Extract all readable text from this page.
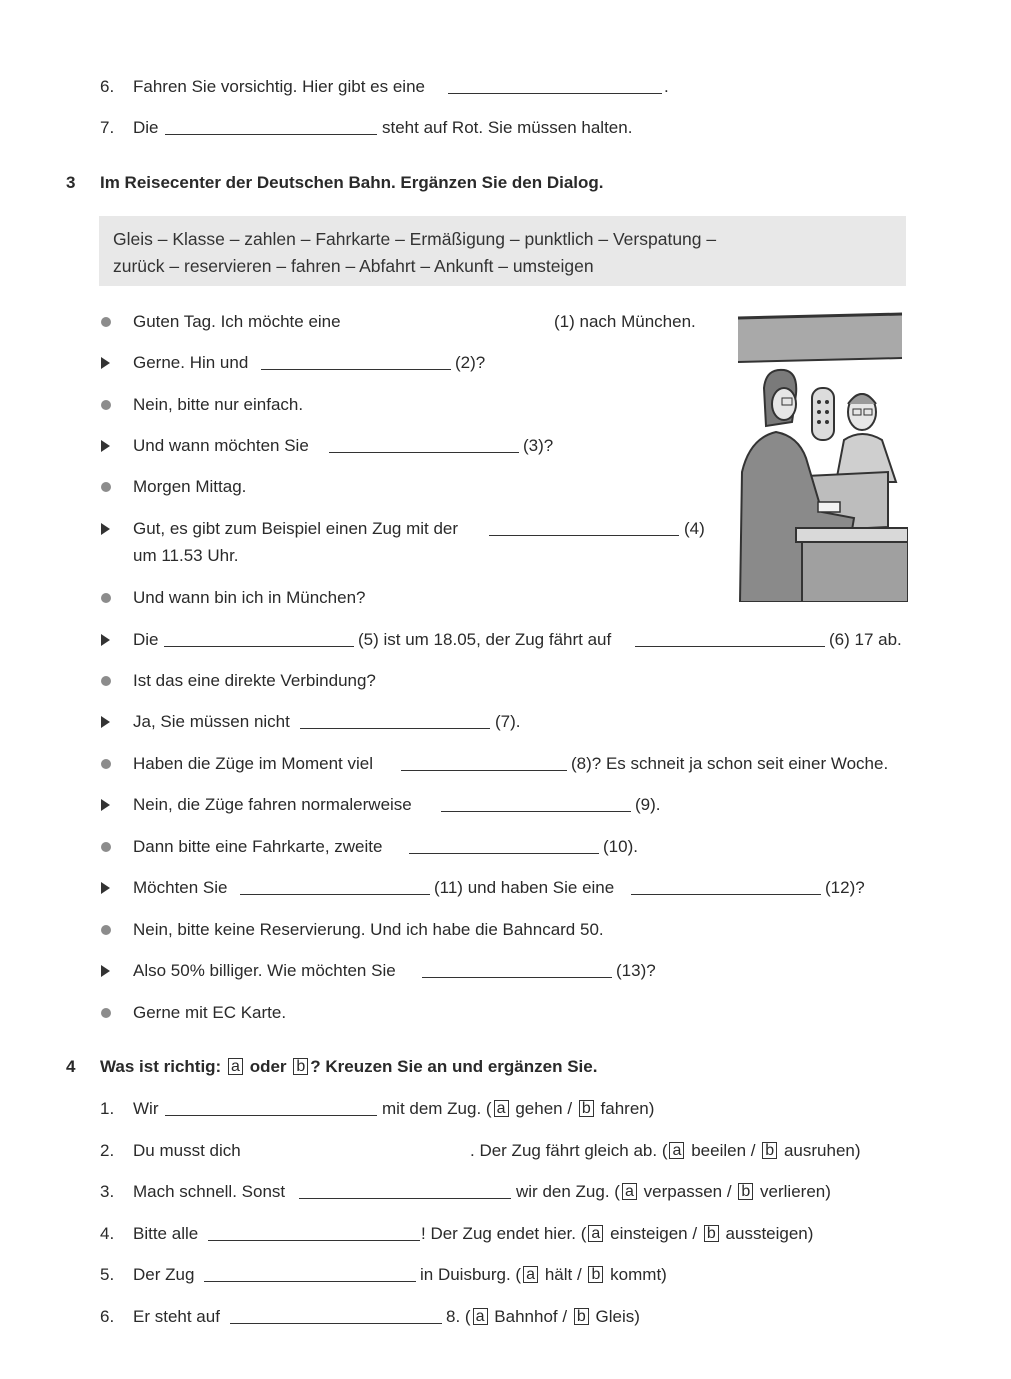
6. Fahren Sie vorsichtig. Hier gibt es eine	.
7. Die	steht auf Rot. Sie müssen halten.
3 Im Reisecenter der Deutschen Bahn. Ergänzen Sie den Dialog.
Gleis – Klasse – zahlen – Fahrkarte – Ermäßigung – punktlich – Verspatung –
zurück – reservieren – fahren – Abfahrt – Ankunft – umsteigen
Guten Tag. Ich möchte eine	(1) nach München.
Gerne. Hin und	(2)?
Nein, bitte nur einfach.
Und wann möchten Sie	(3)?
Morgen Mittag.
Gut, es gibt zum Beispiel einen Zug mit der	(4)
um 11.53 Uhr.
Und wann bin ich in München?
Die	(5) ist um 18.05, der Zug fährt auf	(6) 17 ab.
Ist das eine direkte Verbindung?
Ja, Sie müssen nicht	(7).
Haben die Züge im Moment viel	(8)? Es schneit ja schon seit einer Woche.
Nein, die Züge fahren normalerweise	(9).
Dann bitte eine Fahrkarte, zweite	(10).
Möchten Sie	(11) und haben Sie eine	(12)?
Nein, bitte keine Reservierung. Und ich habe die Bahncard 50.
Also 50% billiger. Wie möchten Sie	(13)?
Gerne mit EC Karte.
4 Was ist richtig: a oder b ? Kreuzen Sie an und ergänzen Sie.
1. Wir	mit dem Zug. ( a gehen / b fahren)
2. Du musst dich	. Der Zug fährt gleich ab. ( a beeilen / b ausruhen)
3. Mach schnell. Sonst	wir den Zug. ( a verpassen / b verlieren)
4. Bitte alle	! Der Zug endet hier. ( a einsteigen / b aussteigen)
5. Der Zug	in Duisburg. ( a hält / b kommt)
6. Er steht auf	8. ( a Bahnhof / b Gleis)
